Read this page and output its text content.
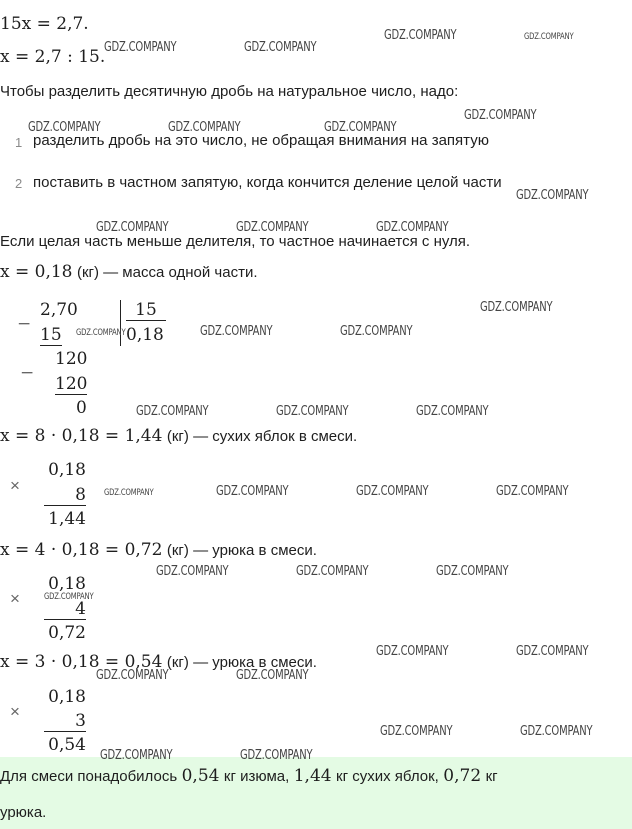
15x = 2,7.
x = 2,7 : 15.
Чтобы разделить десятичную дробь на натуральное число, надо:
1 разделить дробь на это число, не обращая внимания на запятую
2 поставить в частном запятую, когда кончится деление целой части
Если целая часть меньше делителя, то частное начинается с нуля.
x = 0,18 (кг) — масса одной части.
−
2,70
15
15
0,18
−
120
120
0
x = 8 · 0,18 = 1,44 (кг) — сухих яблок в смеси.
×
0,18
8
1,44
x = 4 · 0,18 = 0,72 (кг) — урюка в смеси.
×
0,18
4
0,72
x = 3 · 0,18 = 0,54 (кг) — урюка в смеси.
×
0,18
3
0,54
Для смеси понадобилось 0,54 кг изюма, 1,44 кг сухих яблок, 0,72 кг
урюка.
GDZ.COMPANY	GDZ.COMPANY
GDZ.COMPANY	GDZ.COMPANY
GDZ.COMPANY
GDZ.COMPANY	GDZ.COMPANY	GDZ.COMPANY
GDZ.COMPANY
GDZ.COMPANY	GDZ.COMPANY	GDZ.COMPANY
GDZ.COMPANY
GDZ.COMPANY	GDZ.COMPANY	GDZ.COMPANY
GDZ.COMPANY	GDZ.COMPANY	GDZ.COMPANY
GDZ.COMPANY	GDZ.COMPANY	GDZ.COMPANY	GDZ.COMPANY
GDZ.COMPANY	GDZ.COMPANY	GDZ.COMPANY
GDZ.COMPANY
GDZ.COMPANY	GDZ.COMPANY
GDZ.COMPANY	GDZ.COMPANY
GDZ.COMPANY	GDZ.COMPANY
GDZ.COMPANY	GDZ.COMPANY
